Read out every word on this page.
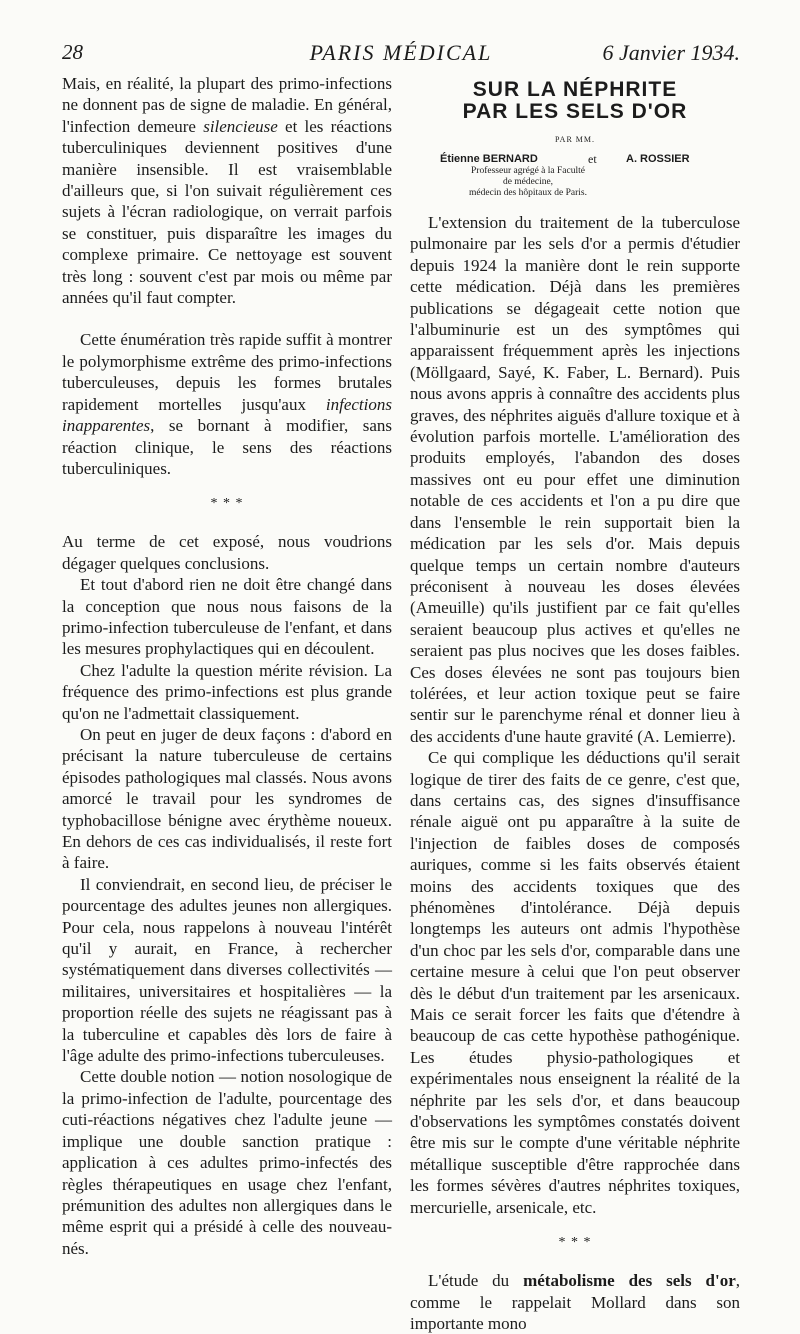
28	PARIS MÉDICAL	6 Janvier 1934.

Mais, en réalité, la plupart des primo-infections ne donnent pas de signe de maladie. En général, l'infection demeure silencieuse et les réactions tuberculiniques deviennent positives d'une manière insensible. Il est vraisemblable d'ailleurs que, si l'on suivait régulièrement ces sujets à l'écran radiologique, on verrait parfois se constituer, puis disparaître les images du complexe primaire. Ce nettoyage est souvent très long : souvent c'est par mois ou même par années qu'il faut compter.

Cette énumération très rapide suffit à montrer le polymorphisme extrême des primo-infections tuberculeuses, depuis les formes brutales rapidement mortelles jusqu'aux infections inapparentes, se bornant à modifier, sans réaction clinique, le sens des réactions tuberculiniques.

* * *

Au terme de cet exposé, nous voudrions dégager quelques conclusions.

Et tout d'abord rien ne doit être changé dans la conception que nous nous faisons de la primo-infection tuberculeuse de l'enfant, et dans les mesures prophylactiques qui en découlent.

Chez l'adulte la question mérite révision. La fréquence des primo-infections est plus grande qu'on ne l'admettait classiquement.

On peut en juger de deux façons : d'abord en précisant la nature tuberculeuse de certains épisodes pathologiques mal classés. Nous avons amorcé le travail pour les syndromes de typhobacillose bénigne avec érythème noueux. En dehors de ces cas individualisés, il reste fort à faire.

Il conviendrait, en second lieu, de préciser le pourcentage des adultes jeunes non allergiques. Pour cela, nous rappelons à nouveau l'intérêt qu'il y aurait, en France, à rechercher systématiquement dans diverses collectivités — militaires, universitaires et hospitalières — la proportion réelle des sujets ne réagissant pas à la tuberculine et capables dès lors de faire à l'âge adulte des primo-infections tuberculeuses.

Cette double notion — notion nosologique de la primo-infection de l'adulte, pourcentage des cuti-réactions négatives chez l'adulte jeune — implique une double sanction pratique : application à ces adultes primo-infectés des règles thérapeutiques en usage chez l'enfant, prémunition des adultes non allergiques dans le même esprit qui a présidé à celle des nouveau-nés.

SUR LA NÉPHRITE
PAR LES SELS D'OR
PAR MM.
Étienne BERNARD	et	A. ROSSIER
Professeur agrégé à la Faculté
de médecine,
médecin des hôpitaux de Paris.

L'extension du traitement de la tuberculose pulmonaire par les sels d'or a permis d'étudier depuis 1924 la manière dont le rein supporte cette médication. Déjà dans les premières publications se dégageait cette notion que l'albuminurie est un des symptômes qui apparaissent fréquemment après les injections (Möllgaard, Sayé, K. Faber, L. Bernard). Puis nous avons appris à connaître des accidents plus graves, des néphrites aiguës d'allure toxique et à évolution parfois mortelle. L'amélioration des produits employés, l'abandon des doses massives ont eu pour effet une diminution notable de ces accidents et l'on a pu dire que dans l'ensemble le rein supportait bien la médication par les sels d'or. Mais depuis quelque temps un certain nombre d'auteurs préconisent à nouveau les doses élevées (Ameuille) qu'ils justifient par ce fait qu'elles seraient beaucoup plus actives et qu'elles ne seraient pas plus nocives que les doses faibles. Ces doses élevées ne sont pas toujours bien tolérées, et leur action toxique peut se faire sentir sur le parenchyme rénal et donner lieu à des accidents d'une haute gravité (A. Lemierre).

Ce qui complique les déductions qu'il serait logique de tirer des faits de ce genre, c'est que, dans certains cas, des signes d'insuffisance rénale aiguë ont pu apparaître à la suite de l'injection de faibles doses de composés auriques, comme si les faits observés étaient moins des accidents toxiques que des phénomènes d'intolérance. Déjà depuis longtemps les auteurs ont admis l'hypothèse d'un choc par les sels d'or, comparable dans une certaine mesure à celui que l'on peut observer dès le début d'un traitement par les arsenicaux. Mais ce serait forcer les faits que d'étendre à beaucoup de cas cette hypothèse pathogénique. Les études physio-pathologiques et expérimentales nous enseignent la réalité de la néphrite par les sels d'or, et dans beaucoup d'observations les symptômes constatés doivent être mis sur le compte d'une véritable néphrite métallique susceptible d'être rapprochée dans les formes sévères d'autres néphrites toxiques, mercurielle, arsenicale, etc.

* * *

L'étude du métabolisme des sels d'or, comme le rappelait Mollard dans son importante mono
